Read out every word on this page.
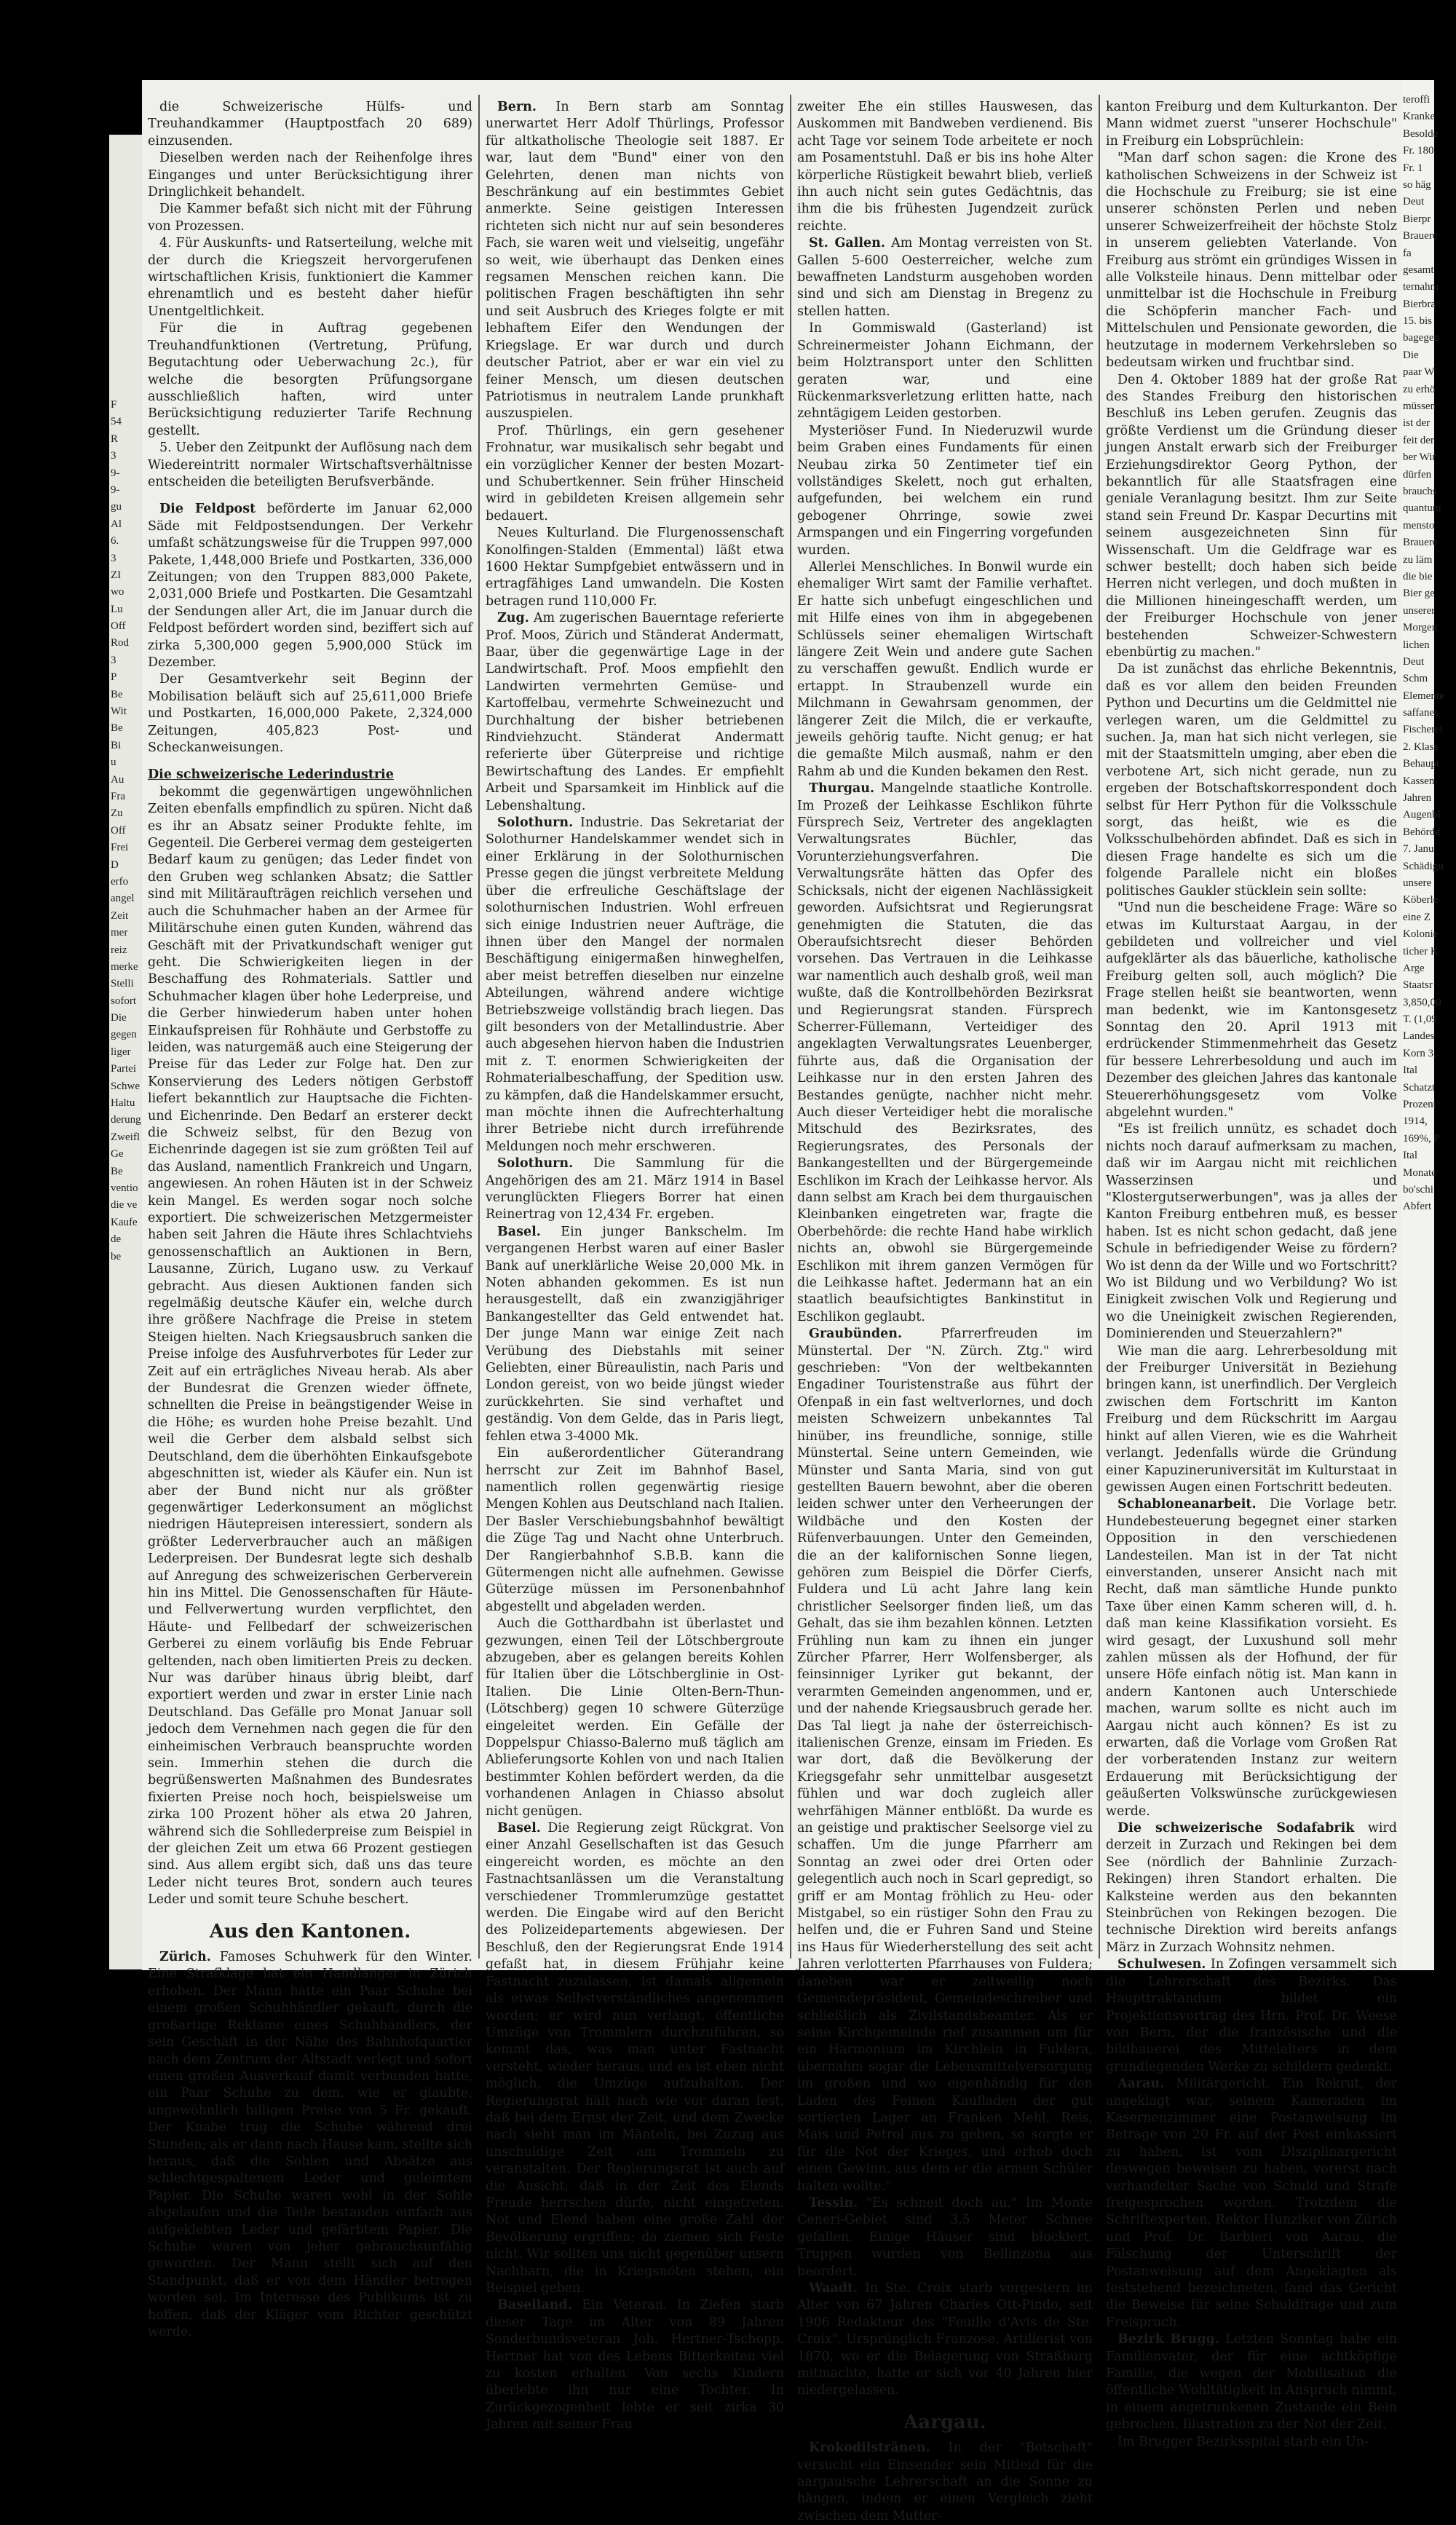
F
54
R
3
9-
9-
gu
Al
6.
3
ZI
wo
Lu
Off
Rod
3
P
Be
Wit
Be
Bi
u
Au
Fra
Zu
Off
Frei
D
erfo
angel
Zeit
mer
reiz
merke
Stelli
sofort
Die
gegen
liger
Partei
Schwe
Haltu
derung
Zweifl
Ge
Be
ventio
die ve
Kaufe
de
be

die Schweizerische Hülfs- und Treuhandkammer (Hauptpostfach 20 689) einzusenden.

Dieselben werden nach der Reihenfolge ihres Einganges und unter Berücksichtigung ihrer Dringlichkeit behandelt.

Die Kammer befaßt sich nicht mit der Führung von Prozessen.

4. Für Auskunfts- und Ratserteilung, welche mit der durch die Kriegszeit hervorgerufenen wirtschaftlichen Krisis, funktioniert die Kammer ehrenamtlich und es besteht daher hiefür Unentgeltlichkeit.

Für die in Auftrag gegebenen Treuhandfunktionen (Vertretung, Prüfung, Begutachtung oder Ueberwachung 2c.), für welche die besorgten Prüfungsorgane ausschließlich haften, wird unter Berücksichtigung reduzierter Tarife Rechnung gestellt.

5. Ueber den Zeitpunkt der Auflösung nach dem Wiedereintritt normaler Wirtschaftsverhältnisse entscheiden die beteiligten Berufsverbände.

Die Feldpost beförderte im Januar 62,000 Säde mit Feldpostsendungen. Der Verkehr umfaßt schätzungsweise für die Truppen 997,000 Pakete, 1,448,000 Briefe und Postkarten, 336,000 Zeitungen; von den Truppen 883,000 Pakete, 2,031,000 Briefe und Postkarten. Die Gesamtzahl der Sendungen aller Art, die im Januar durch die Feldpost befördert worden sind, beziffert sich auf zirka 5,300,000 gegen 5,900,000 Stück im Dezember.

Der Gesamtverkehr seit Beginn der Mobilisation beläuft sich auf 25,611,000 Briefe und Postkarten, 16,000,000 Pakete, 2,324,000 Zeitungen, 405,823 Post- und Scheckanweisungen.

Die schweizerische Lederindustrie

bekommt die gegenwärtigen ungewöhnlichen Zeiten ebenfalls empfindlich zu spüren. Nicht daß es ihr an Absatz seiner Produkte fehlte, im Gegenteil. Die Gerberei vermag dem gesteigerten Bedarf kaum zu genügen; das Leder findet von den Gruben weg schlanken Absatz; die Sattler sind mit Militäraufträgen reichlich versehen und auch die Schuhmacher haben an der Armee für Militärschuhe einen guten Kunden, während das Geschäft mit der Privatkundschaft weniger gut geht. Die Schwierigkeiten liegen in der Beschaffung des Rohmaterials. Sattler und Schuhmacher klagen über hohe Lederpreise, und die Gerber hinwiederum haben unter hohen Einkaufspreisen für Rohhäute und Gerbstoffe zu leiden, was naturgemäß auch eine Steigerung der Preise für das Leder zur Folge hat. Den zur Konservierung des Leders nötigen Gerbstoff liefert bekanntlich zur Hauptsache die Fichten- und Eichenrinde. Den Bedarf an ersterer deckt die Schweiz selbst, für den Bezug von Eichenrinde dagegen ist sie zum größten Teil auf das Ausland, namentlich Frankreich und Ungarn, angewiesen. An rohen Häuten ist in der Schweiz kein Mangel. Es werden sogar noch solche exportiert. Die schweizerischen Metzgermeister haben seit Jahren die Häute ihres Schlachtviehs genossenschaftlich an Auktionen in Bern, Lausanne, Zürich, Lugano usw. zu Verkauf gebracht. Aus diesen Auktionen fanden sich regelmäßig deutsche Käufer ein, welche durch ihre größere Nachfrage die Preise in stetem Steigen hielten. Nach Kriegsausbruch sanken die Preise infolge des Ausfuhrverbotes für Leder zur Zeit auf ein erträgliches Niveau herab. Als aber der Bundesrat die Grenzen wieder öffnete, schnellten die Preise in beängstigender Weise in die Höhe; es wurden hohe Preise bezahlt. Und weil die Gerber dem alsbald selbst sich Deutschland, dem die überhöhten Einkaufsgebote abgeschnitten ist, wieder als Käufer ein. Nun ist aber der Bund nicht nur als größter gegenwärtiger Lederkonsument an möglichst niedrigen Häutepreisen interessiert, sondern als größter Lederverbraucher auch an mäßigen Lederpreisen. Der Bundesrat legte sich deshalb auf Anregung des schweizerischen Gerberverein hin ins Mittel. Die Genossenschaften für Häute- und Fellverwertung wurden verpflichtet, den Häute- und Fellbedarf der schweizerischen Gerberei zu einem vorläufig bis Ende Februar geltenden, nach oben limitierten Preis zu decken. Nur was darüber hinaus übrig bleibt, darf exportiert werden und zwar in erster Linie nach Deutschland. Das Gefälle pro Monat Januar soll jedoch dem Vernehmen nach gegen die für den einheimischen Verbrauch beanspruchte worden sein. Immerhin stehen die durch die begrüßenswerten Maßnahmen des Bundesrates fixierten Preise noch hoch, beispielsweise um zirka 100 Prozent höher als etwa 20 Jahren, während sich die Sohllederpreise zum Beispiel in der gleichen Zeit um etwa 66 Prozent gestiegen sind. Aus allem ergibt sich, daß uns das teure Leder nicht teures Brot, sondern auch teures Leder und somit teure Schuhe beschert.

Aus den Kantonen.

Zürich. Famoses Schuhwerk für den Winter. Eine Strafklage hat ein Handlanger in Zürich erhoben. Der Mann hatte ein Paar Schuhe bei einem großen Schuhhändler gekauft, durch die großartige Reklame eines Schuhhändlers, der sein Geschäft in der Nähe des Bahnhofquartier nach dem Zentrum der Altstadt verlegt und sofort einen großen Ausverkauf damit verbunden hatte, ein Paar Schuhe zu dem, wie er glaubte, ungewöhnlich billigen Preise von 5 Fr. gekauft. Der Knabe trug die Schuhe während drei Stunden; als er dann nach Hause kam, stellte sich heraus, daß die Sohlen und Absätze aus schlechtgespaltenem Leder und geleimtem Papier. Die Schuhe waren wohl in der Sohle abgelaufen und die Teile bestanden einfach aus aufgeklebten Leder und gefärbtem Papier. Die Schuhe waren von jeher gebrauchsunfähig geworden. Der Mann stellt sich auf den Standpunkt, daß er von dem Händler betrogen worden sei. Im Interesse des Publikums ist zu hoffen, daß der Kläger vom Richter geschützt werde.

Bern. In Bern starb am Sonntag unerwartet Herr Adolf Thürlings, Professor für altkatholische Theologie seit 1887. Er war, laut dem "Bund" einer von den Gelehrten, denen man nichts von Beschränkung auf ein bestimmtes Gebiet anmerkte. Seine geistigen Interessen richteten sich nicht nur auf sein besonderes Fach, sie waren weit und vielseitig, ungefähr so weit, wie überhaupt das Denken eines regsamen Menschen reichen kann. Die politischen Fragen beschäftigten ihn sehr und seit Ausbruch des Krieges folgte er mit lebhaftem Eifer den Wendungen der Kriegslage. Er war durch und durch deutscher Patriot, aber er war ein viel zu feiner Mensch, um diesen deutschen Patriotismus in neutralem Lande prunkhaft auszuspielen.

Prof. Thürlings, ein gern gesehener Frohnatur, war musikalisch sehr begabt und ein vorzüglicher Kenner der besten Mozart- und Schubertkenner. Sein früher Hinscheid wird in gebildeten Kreisen allgemein sehr bedauert.

Neues Kulturland. Die Flurgenossenschaft Konolfingen-Stalden (Emmental) läßt etwa 1600 Hektar Sumpfgebiet entwässern und in ertragfähiges Land umwandeln. Die Kosten betragen rund 110,000 Fr.

Zug. Am zugerischen Bauerntage referierte Prof. Moos, Zürich und Ständerat Andermatt, Baar, über die gegenwärtige Lage in der Landwirtschaft. Prof. Moos empfiehlt den Landwirten vermehrten Gemüse- und Kartoffelbau, vermehrte Schweinezucht und Durchhaltung der bisher betriebenen Rindviehzucht. Ständerat Andermatt referierte über Güterpreise und richtige Bewirtschaftung des Landes. Er empfiehlt Arbeit und Sparsamkeit im Hinblick auf die Lebenshaltung.

Solothurn. Industrie. Das Sekretariat der Solothurner Handelskammer wendet sich in einer Erklärung in der Solothurnischen Presse gegen die jüngst verbreitete Meldung über die erfreuliche Geschäftslage der solothurnischen Industrien. Wohl erfreuen sich einige Industrien neuer Aufträge, die ihnen über den Mangel der normalen Beschäftigung einigermaßen hinweghelfen, aber meist betreffen dieselben nur einzelne Abteilungen, während andere wichtige Betriebszweige vollständig brach liegen. Das gilt besonders von der Metallindustrie. Aber auch abgesehen hiervon haben die Industrien mit z. T. enormen Schwierigkeiten der Rohmaterialbeschaffung, der Spedition usw. zu kämpfen, daß die Handelskammer ersucht, man möchte ihnen die Aufrechterhaltung ihrer Betriebe nicht durch irreführende Meldungen noch mehr erschweren.

Solothurn. Die Sammlung für die Angehörigen des am 21. März 1914 in Basel verunglückten Fliegers Borrer hat einen Reinertrag von 12,434 Fr. ergeben.

Basel. Ein junger Bankschelm. Im vergangenen Herbst waren auf einer Basler Bank auf unerklärliche Weise 20,000 Mk. in Noten abhanden gekommen. Es ist nun herausgestellt, daß ein zwanzigjähriger Bankangestellter das Geld entwendet hat. Der junge Mann war einige Zeit nach Verübung des Diebstahls mit seiner Geliebten, einer Büreaulistin, nach Paris und London gereist, von wo beide jüngst wieder zurückkehrten. Sie sind verhaftet und geständig. Von dem Gelde, das in Paris liegt, fehlen etwa 3-4000 Mk.

Ein außerordentlicher Güterandrang herrscht zur Zeit im Bahnhof Basel, namentlich rollen gegenwärtig riesige Mengen Kohlen aus Deutschland nach Italien. Der Basler Verschiebungsbahnhof bewältigt die Züge Tag und Nacht ohne Unterbruch. Der Rangierbahnhof S.B.B. kann die Gütermengen nicht alle aufnehmen. Gewisse Güterzüge müssen im Personenbahnhof abgestellt und abgeladen werden.

Auch die Gotthardbahn ist überlastet und gezwungen, einen Teil der Lötschbergroute abzugeben, aber es gelangen bereits Kohlen für Italien über die Lötschberglinie in Ost-Italien. Die Linie Olten-Bern-Thun-(Lötschberg) gegen 10 schwere Güterzüge eingeleitet werden. Ein Gefälle der Doppelspur Chiasso-Balerno muß täglich am Ablieferungsorte Kohlen von und nach Italien bestimmter Kohlen befördert werden, da die vorhandenen Anlagen in Chiasso absolut nicht genügen.

Basel. Die Regierung zeigt Rückgrat. Von einer Anzahl Gesellschaften ist das Gesuch eingereicht worden, es möchte an den Fastnachtsanlässen um die Veranstaltung verschiedener Trommlerumzüge gestattet werden. Die Eingabe wird auf den Bericht des Polizeidepartements abgewiesen. Der Beschluß, den der Regierungsrat Ende 1914 gefaßt hat, in diesem Frühjahr keine Fastnacht zuzulassen, ist damals allgemein als etwas Selbstverständliches angenommen worden; er wird nun verlangt, öffentliche Umzüge von Trommlern durchzuführen, so kommt das, was man unter Fastnacht versteht, wieder heraus, und es ist eben nicht möglich, die Umzüge aufzuhalten. Der Regierungsrat hält nach wie vor daran fest, daß bei dem Ernst der Zeit, und dem Zwecke nach sieht man im Mänteln, bei Zuzug aus unschuldige Zeit am Trommeln zu veranstalten. Der Regierungsrat ist auch auf die Ansicht, daß in der Zeit des Elends Freude herrschen dürfe, nicht eingetreten. Not und Elend haben eine große Zahl der Bevölkerung ergriffen; da ziemen sich Feste nicht. Wir sollten uns nicht gegenüber unsern Nachbarn, die in Kriegsnöten stehen, ein Beispiel geben.

Baselland. Ein Veteran. In Ziefen starb dieser Tage im Alter von 89 Jahren Sonderbundsveteran Joh. Hertner-Tschopp. Hertner hat von des Lebens Bitterkeiten viel zu kosten erhalten. Von sechs Kindern überlebte ihn nur eine Tochter. In Zurückgezogenheit lebte er seit zirka 30 Jahren mit seiner Frau

zweiter Ehe ein stilles Hauswesen, das Auskommen mit Bandweben verdienend. Bis acht Tage vor seinem Tode arbeitete er noch am Posamentstuhl. Daß er bis ins hohe Alter körperliche Rüstigkeit bewahrt blieb, verließ ihn auch nicht sein gutes Gedächtnis, das ihm die bis frühesten Jugendzeit zurück reichte.

St. Gallen. Am Montag verreisten von St. Gallen 5-600 Oesterreicher, welche zum bewaffneten Landsturm ausgehoben worden sind und sich am Dienstag in Bregenz zu stellen hatten.

In Gommiswald (Gasterland) ist Schreinermeister Johann Eichmann, der beim Holztransport unter den Schlitten geraten war, und eine Rückenmarksverletzung erlitten hatte, nach zehntägigem Leiden gestorben.

Mysteriöser Fund. In Niederuzwil wurde beim Graben eines Fundaments für einen Neubau zirka 50 Zentimeter tief ein vollständiges Skelett, noch gut erhalten, aufgefunden, bei welchem ein rund gebogener Ohrringe, sowie zwei Armspangen und ein Fingerring vorgefunden wurden.

Allerlei Menschliches. In Bonwil wurde ein ehemaliger Wirt samt der Familie verhaftet. Er hatte sich unbefugt eingeschlichen und mit Hilfe eines von ihm in abgegebenen Schlüssels seiner ehemaligen Wirtschaft längere Zeit Wein und andere gute Sachen zu verschaffen gewußt. Endlich wurde er ertappt. In Straubenzell wurde ein Milchmann in Gewahrsam genommen, der längerer Zeit die Milch, die er verkaufte, jeweils gehörig taufte. Nicht genug; er hat die gemaßte Milch ausmaß, nahm er den Rahm ab und die Kunden bekamen den Rest.

Thurgau. Mangelnde staatliche Kontrolle. Im Prozeß der Leihkasse Eschlikon führte Fürsprech Seiz, Vertreter des angeklagten Verwaltungsrates Büchler, das Vorunterziehungsverfahren. Die Verwaltungsräte hätten das Opfer des Schicksals, nicht der eigenen Nachlässigkeit geworden. Aufsichtsrat und Regierungsrat genehmigten die Statuten, die das Oberaufsichtsrecht dieser Behörden vorsehen. Das Vertrauen in die Leihkasse war namentlich auch deshalb groß, weil man wußte, daß die Kontrollbehörden Bezirksrat und Regierungsrat standen. Fürsprech Scherrer-Füllemann, Verteidiger des angeklagten Verwaltungsrates Leuenberger, führte aus, daß die Organisation der Leihkasse nur in den ersten Jahren des Bestandes genügte, nachher nicht mehr. Auch dieser Verteidiger hebt die moralische Mitschuld des Bezirksrates, des Regierungsrates, des Personals der Bankangestellten und der Bürgergemeinde Eschlikon im Krach der Leihkasse hervor. Als dann selbst am Krach bei dem thurgauischen Kleinbanken eingetreten war, fragte die Oberbehörde: die rechte Hand habe wirklich nichts an, obwohl sie Bürgergemeinde Eschlikon mit ihrem ganzen Vermögen für die Leihkasse haftet. Jedermann hat an ein staatlich beaufsichtigtes Bankinstitut in Eschlikon geglaubt.

Graubünden. Pfarrerfreuden im Münstertal. Der "N. Zürch. Ztg." wird geschrieben: "Von der weltbekannten Engadiner Touristenstraße aus führt der Ofenpaß in ein fast weltverlornes, und doch meisten Schweizern unbekanntes Tal hinüber, ins freundliche, sonnige, stille Münstertal. Seine untern Gemeinden, wie Münster und Santa Maria, sind von gut gestellten Bauern bewohnt, aber die oberen leiden schwer unter den Verheerungen der Wildbäche und den Kosten der Rüfenverbauungen. Unter den Gemeinden, die an der kalifornischen Sonne liegen, gehören zum Beispiel die Dörfer Cierfs, Fuldera und Lü acht Jahre lang kein christlicher Seelsorger finden ließ, um das Gehalt, das sie ihm bezahlen können. Letzten Frühling nun kam zu ihnen ein junger Zürcher Pfarrer, Herr Wolfensberger, als feinsinniger Lyriker gut bekannt, der verarmten Gemeinden angenommen, und er, und der nahende Kriegsausbruch gerade her. Das Tal liegt ja nahe der österreichisch-italienischen Grenze, einsam im Frieden. Es war dort, daß die Bevölkerung der Kriegsgefahr sehr unmittelbar ausgesetzt fühlen und war doch zugleich aller wehrfähigen Männer entblößt. Da wurde es an geistige und praktischer Seelsorge viel zu schaffen. Um die junge Pfarrherr am Sonntag an zwei oder drei Orten oder gelegentlich auch noch in Scarl gepredigt, so griff er am Montag fröhlich zu Heu- oder Mistgabel, so ein rüstiger Sohn den Frau zu helfen und, die er Fuhren Sand und Steine ins Haus für Wiederherstellung des seit acht Jahren verlotterten Pfarrhauses von Fuldera; daneben war er zeitweilig noch Gemeindepräsident, Gemeindeschreiber und schließlich als Zivilstandsbeamter. Als er seine Kirchgemeinde rief zusammen um für ein Harmonium im Kirchlein in Fuldera, übernahm sogar die Lebensmittelversorgung im großen und wo eigenhändig für den Laden des Feinen Kaufladen der gut sortierten Lager an Franken Mehl, Reis, Mais und Petrol aus zu geben, so sorgte er für die Not der Krieges, und erhob doch einen Gewinn, aus dem er die armen Schüler halten wollte."

Tessin. "Es schneit doch au." Im Monte Ceneri-Gebiet sind 3,5 Meter Schnee gefallen. Einige Häuser sind blockiert. Truppen wurden von Bellinzona aus beordert.

Waadt. In Ste. Croix starb vorgestern im Alter von 67 Jahren Charles Ott-Pindo, seit 1906 Redakteur des "Feuille d'Avis de Ste. Croix". Ursprünglich Franzose, Artillerist von 1870, wo er die Belagerung von Straßburg mitmachte, hatte er sich vor 40 Jahren hier niedergelassen.

Aargau.

Krokodilstränen. In der "Botschaft" versucht ein Einsender sein Mitleid für die aargauische Lehrerschaft an die Sonne zu hängen, indem er einen Vergleich zieht zwischen dem Mutter-

kanton Freiburg und dem Kulturkanton. Der Mann widmet zuerst "unserer Hochschule" in Freiburg ein Lobsprüchlein:

"Man darf schon sagen: die Krone des katholischen Schweizens in der Schweiz ist die Hochschule zu Freiburg; sie ist eine unserer schönsten Perlen und neben unserer Schweizerfreiheit der höchste Stolz in unserem geliebten Vaterlande. Von Freiburg aus strömt ein gründiges Wissen in alle Volksteile hinaus. Denn mittelbar oder unmittelbar ist die Hochschule in Freiburg die Schöpferin mancher Fach- und Mittelschulen und Pensionate geworden, die heutzutage in modernem Verkehrsleben so bedeutsam wirken und fruchtbar sind.

Den 4. Oktober 1889 hat der große Rat des Standes Freiburg den historischen Beschluß ins Leben gerufen. Zeugnis das größte Verdienst um die Gründung dieser jungen Anstalt erwarb sich der Freiburger Erziehungsdirektor Georg Python, der bekanntlich für alle Staatsfragen eine geniale Veranlagung besitzt. Ihm zur Seite stand sein Freund Dr. Kaspar Decurtins mit seinem ausgezeichneten Sinn für Wissenschaft. Um die Geldfrage war es schwer bestellt; doch haben sich beide Herren nicht verlegen, und doch mußten in die Millionen hineingeschafft werden, um der Freiburger Hochschule von jener bestehenden Schweizer-Schwestern ebenbürtig zu machen."

Da ist zunächst das ehrliche Bekenntnis, daß es vor allem den beiden Freunden Python und Decurtins um die Geldmittel nie verlegen waren, um die Geldmittel zu suchen. Ja, man hat sich nicht verlegen, sie mit der Staatsmitteln umging, aber eben die verbotene Art, sich nicht gerade, nun zu ergeben der Botschaftskorrespondent doch selbst für Herr Python für die Volksschule sorgt, das heißt, wie es die Volksschulbehörden abfindet. Daß es sich in diesen Frage handelte es sich um die folgende Parallele nicht ein bloßes politisches Gaukler stücklein sein sollte:

"Und nun die bescheidene Frage: Wäre so etwas im Kulturstaat Aargau, in der gebildeten und vollreicher und viel aufgeklärter als das bäuerliche, katholische Freiburg gelten soll, auch möglich? Die Frage stellen heißt sie beantworten, wenn man bedenkt, wie im Kantonsgesetz Sonntag den 20. April 1913 mit erdrückender Stimmenmehrheit das Gesetz für bessere Lehrerbesoldung und auch im Dezember des gleichen Jahres das kantonale Steuererhöhungsgesetz vom Volke abgelehnt wurden."

"Es ist freilich unnütz, es schadet doch nichts noch darauf aufmerksam zu machen, daß wir im Aargau nicht mit reichlichen Wasserzinsen und "Klostergutserwerbungen", was ja alles der Kanton Freiburg entbehren muß, es besser haben. Ist es nicht schon gedacht, daß jene Schule in befriedigender Weise zu fördern? Wo ist denn da der Wille und wo Fortschritt? Wo ist Bildung und wo Verbildung? Wo ist Einigkeit zwischen Volk und Regierung und wo die Uneinigkeit zwischen Regierenden, Dominierenden und Steuerzahlern?"

Wie man die aarg. Lehrerbesoldung mit der Freiburger Universität in Beziehung bringen kann, ist unerfindlich. Der Vergleich zwischen dem Fortschritt im Kanton Freiburg und dem Rückschritt im Aargau hinkt auf allen Vieren, wie es die Wahrheit verlangt. Jedenfalls würde die Gründung einer Kapuzineruniversität im Kulturstaat in gewissen Augen einen Fortschritt bedeuten.

Schabloneanarbeit. Die Vorlage betr. Hundebesteuerung begegnet einer starken Opposition in den verschiedenen Landesteilen. Man ist in der Tat nicht einverstanden, unserer Ansicht nach mit Recht, daß man sämtliche Hunde punkto Taxe über einen Kamm scheren will, d. h. daß man keine Klassifikation vorsieht. Es wird gesagt, der Luxushund soll mehr zahlen müssen als der Hofhund, der für unsere Höfe einfach nötig ist. Man kann in andern Kantonen auch Unterschiede machen, warum sollte es nicht auch im Aargau nicht auch können? Es ist zu erwarten, daß die Vorlage vom Großen Rat der vorberatenden Instanz zur weitern Erdauerung mit Berücksichtigung der geäußerten Volkswünsche zurückgewiesen werde.

Die schweizerische Sodafabrik wird derzeit in Zurzach und Rekingen bei dem See (nördlich der Bahnlinie Zurzach-Rekingen) ihren Standort erhalten. Die Kalksteine werden aus den bekannten Steinbrüchen von Rekingen bezogen. Die technische Direktion wird bereits anfangs März in Zurzach Wohnsitz nehmen.

Schulwesen. In Zofingen versammelt sich die Lehrerschaft des Bezirks. Das Haupttraktandum bildet ein Projektionsvortrag des Hrn. Prof. Dr. Weese von Bern, der die französische und die bildhauerei des Mittelalters in dem grundlegenden Werke zu schildern gedenkt.

Aarau. Militärgericht. Ein Rekrut, der angeklagt war, seinem Kameraden im Kasernenzimmer eine Postanweisung im Betrage von 20 Fr. auf der Post einkassiert zu haben, ist vom Disziplinargericht deswegen beweisen zu haben, vorerst nach verhandelter Sache von Schuld und Strafe freigesprochen worden. Trotzdem die Schriftexperten, Rektor Hunziker von Zürich und Prof. Dr. Barbieri von Aarau, die Fälschung der Unterschrift der Postanweisung auf dem Angeklagten als feststehend bezeichneten, fand das Gericht die Beweise für seine Schuldfrage und zum Freispruch.

Bezirk Brugg. Letzten Sonntag habe ein Familienvater, der für eine achtköpfige Familie, die wegen der Mobilisation die öffentliche Wohltätigkeit in Anspruch nimmt, in einem angetrunkenen Zustande ein Bein gebrochen. Illustration zu der Not der Zeit.

Im Brugger Bezirksspital starb ein Un-

teroffi
Kranke
Besolde
Fr. 180
Fr. 1
so häg
Deut
Bierpr
Brauere
fa
gesamt
ternahm
Bierbra
15. bis
bagegen
Die
paar W
zu erhö
müssen
ist der
feit der
ber Wir
dürfen
brauchs
quantum
mensto
Brauere
zu läm
die bie
Bier ge
unserer
Morgen
lichen
Deut
Schm
Elemente
saffanes
Fischerei
2. Klass
Behaupt
Kassen
Jahren
Augenbl
Behörde
7. Janu
Schädigu
unsere
Köberle
eine Z
Kolonie
ticher K
Arge
Staatsr
3,850,00
T. (1,09
Landes
Korn 3,
Ital
Schatzt
Prozent
1914,
169%, P
Ital
Monate
bo'schi
Abfert
